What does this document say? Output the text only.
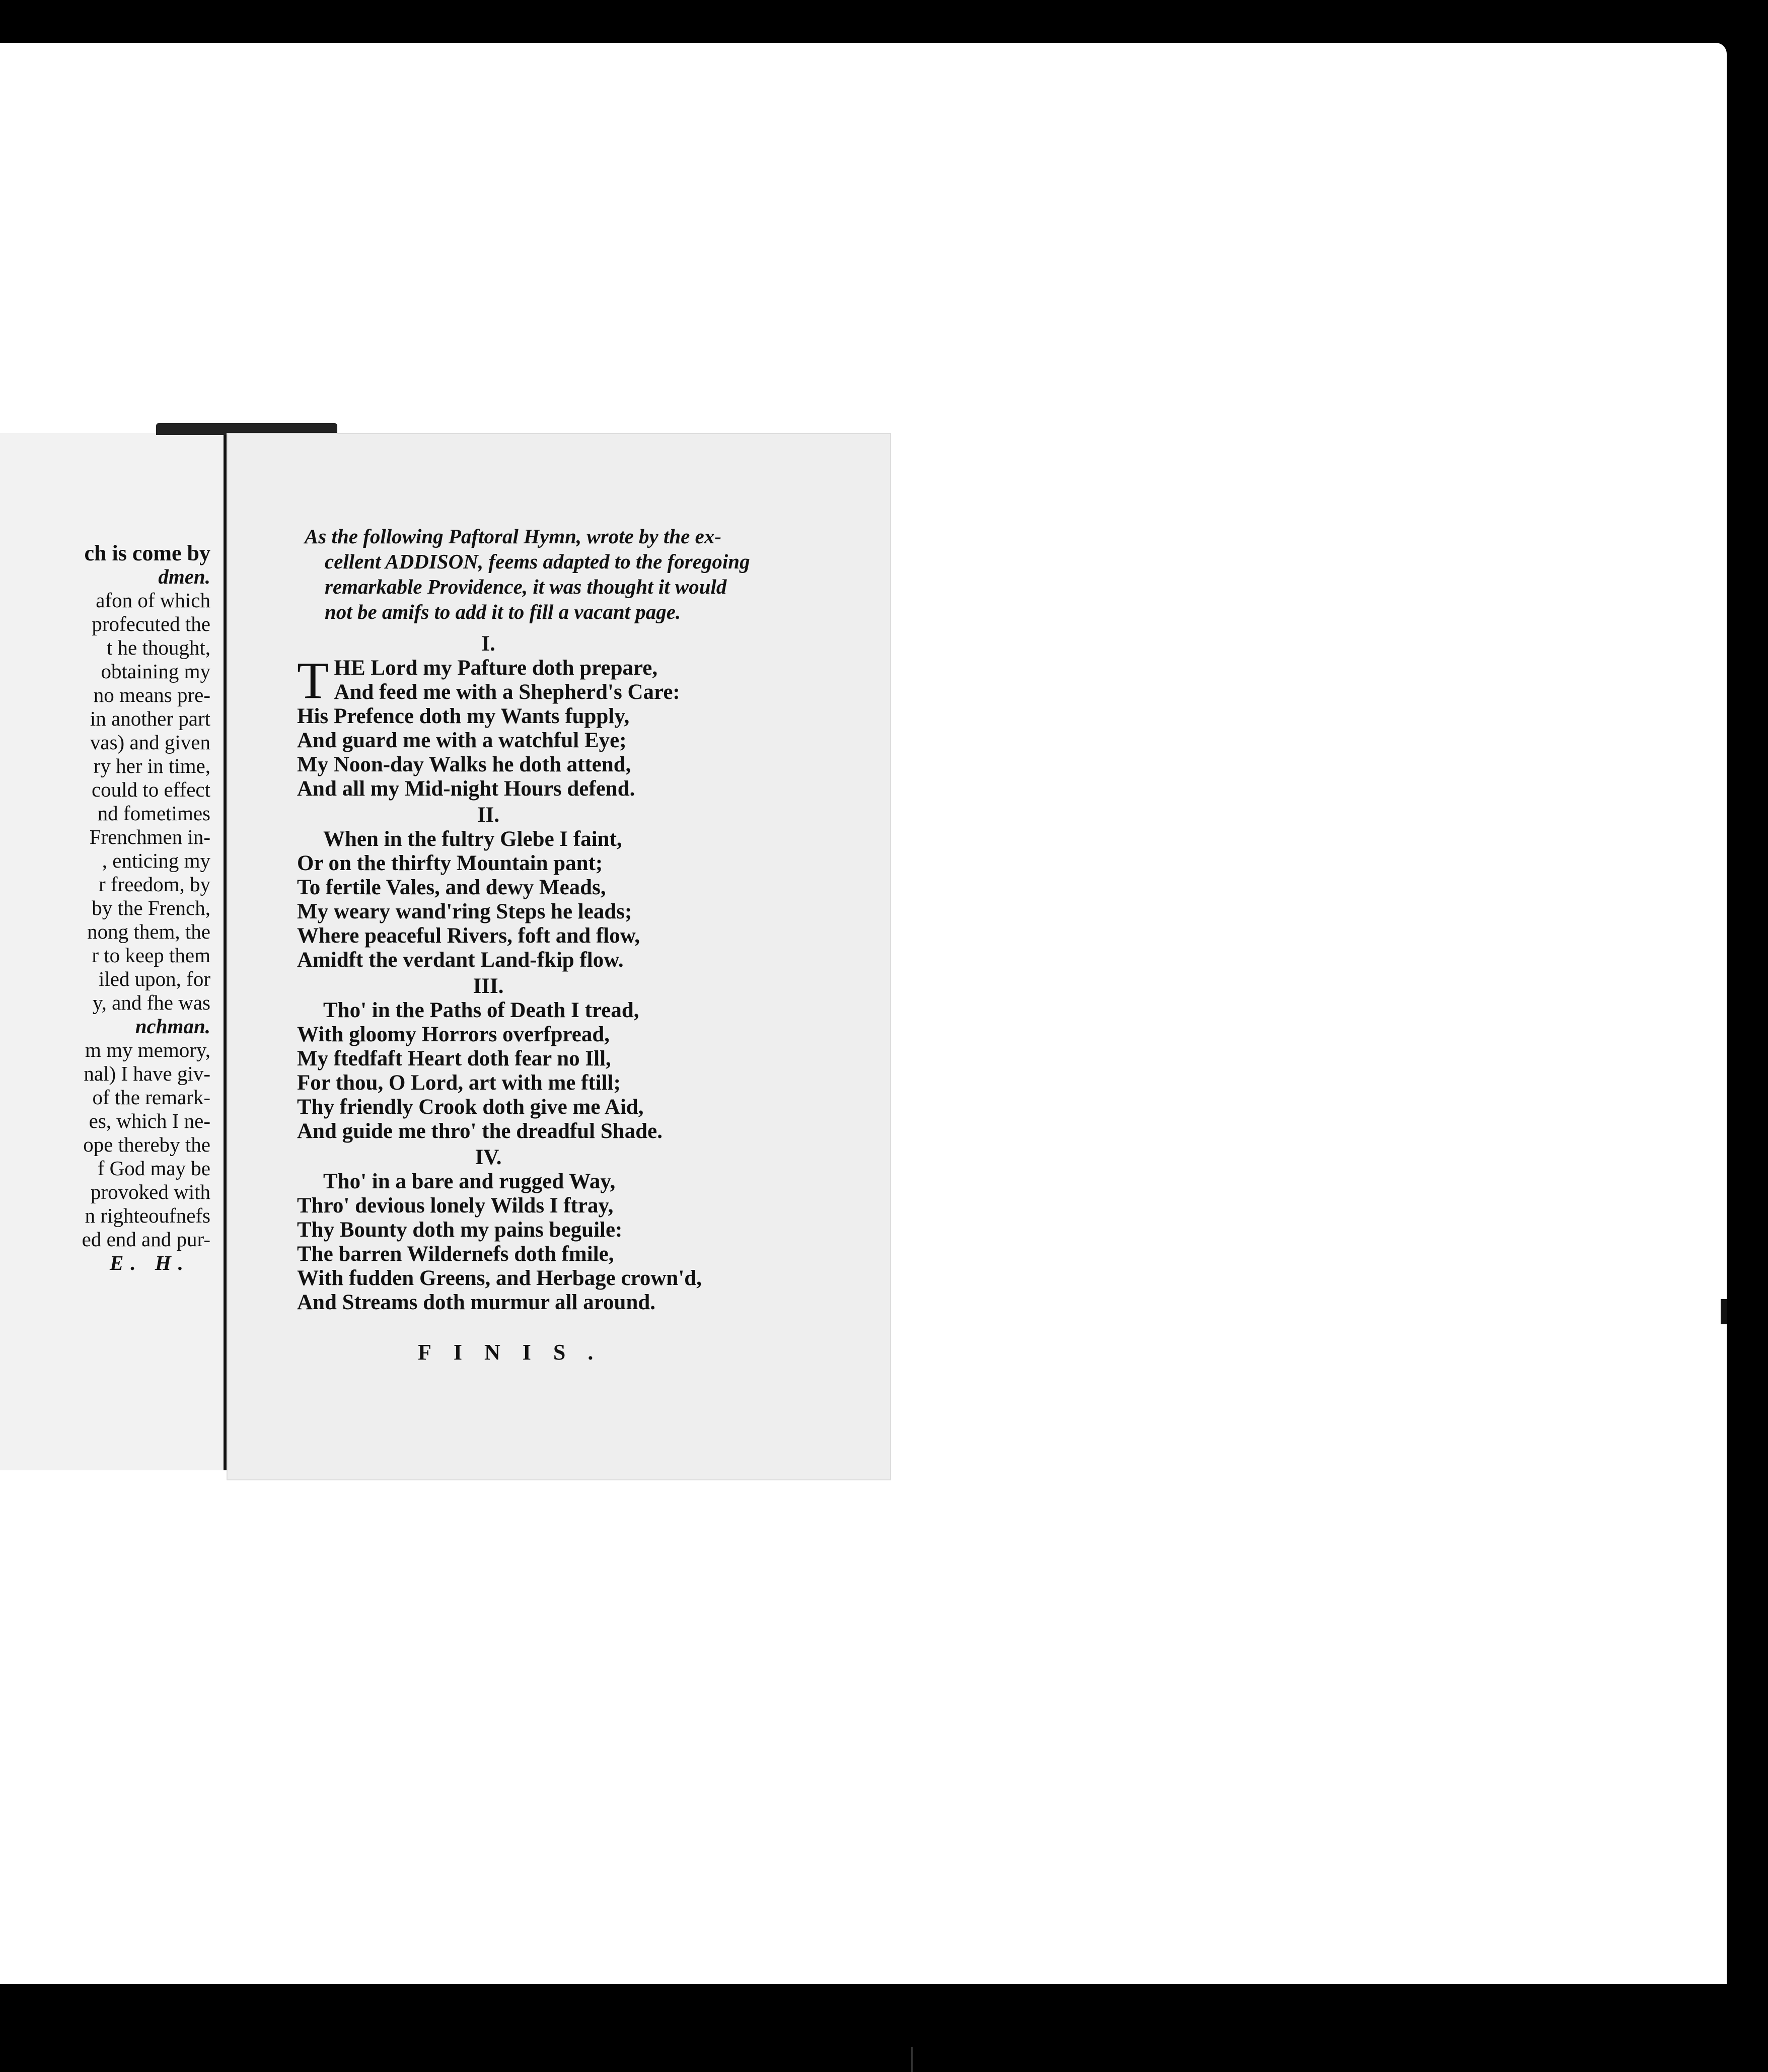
ch is come by
dmen.
afon of which
profecuted the
t he thought,
obtaining my
no means pre-
in another part
vas) and given
ry her in time,
could to effect
nd fometimes
Frenchmen in-
, enticing my
r freedom, by
by the French,
nong them, the
r to keep them
iled upon, for
y, and fhe was
nchman.
m my memory,
nal) I have giv-
of the remark-
es, which I ne-
ope thereby the
f God may be
provoked with
n righteoufnefs
ed end and pur-
E. H.
As the following Paftoral Hymn, wrote by the ex-
cellent ADDISON, feems adapted to the foregoing
remarkable Providence, it was thought it would
not be amifs to add it to fill a vacant page.
I.
T HE Lord my Pafture doth prepare,
And feed me with a Shepherd's Care:
His Prefence doth my Wants fupply,
And guard me with a watchful Eye;
My Noon-day Walks he doth attend,
And all my Mid-night Hours defend.
II.
When in the fultry Glebe I faint,
Or on the thirfty Mountain pant;
To fertile Vales, and dewy Meads,
My weary wand'ring Steps he leads;
Where peaceful Rivers, foft and flow,
Amidft the verdant Land-fkip flow.
III.
Tho' in the Paths of Death I tread,
With gloomy Horrors overfpread,
My ftedfaft Heart doth fear no Ill,
For thou, O Lord, art with me ftill;
Thy friendly Crook doth give me Aid,
And guide me thro' the dreadful Shade.
IV.
Tho' in a bare and rugged Way,
Thro' devious lonely Wilds I ftray,
Thy Bounty doth my pains beguile:
The barren Wildernefs doth fmile,
With fudden Greens, and Herbage crown'd,
And Streams doth murmur all around.
FINIS.
